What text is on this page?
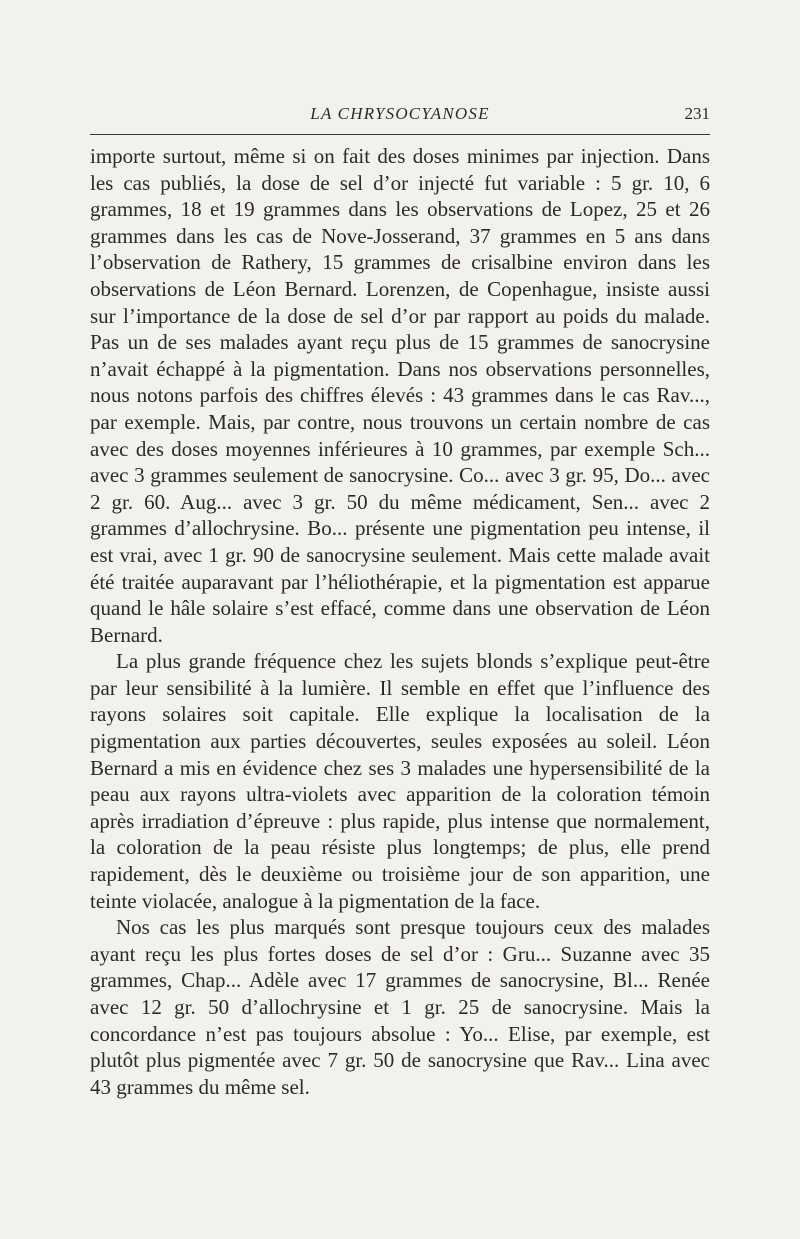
LA CHRYSOCYANOSE	231

importe surtout, même si on fait des doses minimes par injection. Dans les cas publiés, la dose de sel d’or injecté fut variable : 5 gr. 10, 6 grammes, 18 et 19 grammes dans les observations de Lopez, 25 et 26 grammes dans les cas de Nove-Josserand, 37 grammes en 5 ans dans l’observation de Rathery, 15 grammes de crisalbine environ dans les observations de Léon Bernard. Lorenzen, de Copenhague, insiste aussi sur l’importance de la dose de sel d’or par rapport au poids du malade. Pas un de ses malades ayant reçu plus de 15 grammes de sanocrysine n’avait échappé à la pigmentation. Dans nos observations personnelles, nous notons parfois des chiffres élevés : 43 grammes dans le cas Rav..., par exemple. Mais, par contre, nous trouvons un certain nombre de cas avec des doses moyennes inférieures à 10 grammes, par exemple Sch... avec 3 grammes seulement de sanocrysine. Co... avec 3 gr. 95, Do... avec 2 gr. 60. Aug... avec 3 gr. 50 du même médicament, Sen... avec 2 grammes d’allochrysine. Bo... présente une pigmentation peu intense, il est vrai, avec 1 gr. 90 de sanocrysine seulement. Mais cette malade avait été traitée auparavant par l’héliothérapie, et la pigmentation est apparue quand le hâle solaire s’est effacé, comme dans une observation de Léon Bernard.

La plus grande fréquence chez les sujets blonds s’explique peut-être par leur sensibilité à la lumière. Il semble en effet que l’influence des rayons solaires soit capitale. Elle explique la localisation de la pigmentation aux parties découvertes, seules exposées au soleil. Léon Bernard a mis en évidence chez ses 3 malades une hypersensibilité de la peau aux rayons ultra-violets avec apparition de la coloration témoin après irradiation d’épreuve : plus rapide, plus intense que normalement, la coloration de la peau résiste plus longtemps; de plus, elle prend rapidement, dès le deuxième ou troisième jour de son apparition, une teinte violacée, analogue à la pigmentation de la face.

Nos cas les plus marqués sont presque toujours ceux des malades ayant reçu les plus fortes doses de sel d’or : Gru... Suzanne avec 35 grammes, Chap... Adèle avec 17 grammes de sanocrysine, Bl... Renée avec 12 gr. 50 d’allochrysine et 1 gr. 25 de sanocrysine. Mais la concordance n’est pas toujours absolue : Yo... Elise, par exemple, est plutôt plus pigmentée avec 7 gr. 50 de sanocrysine que Rav... Lina avec 43 grammes du même sel.
